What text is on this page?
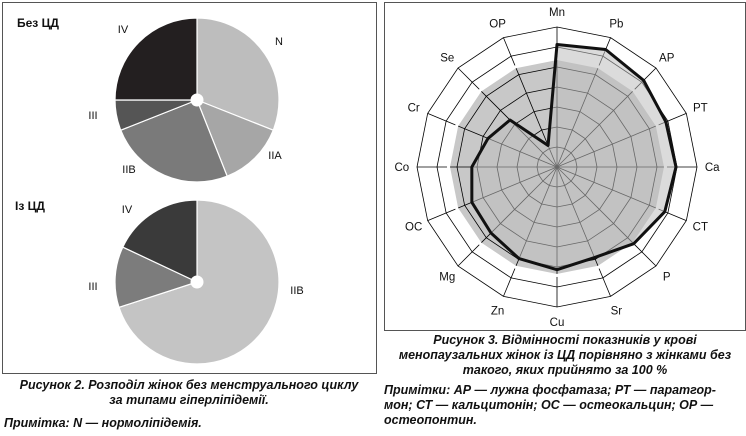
Без ЦД
Із ЦД
N
IIA
IIB
III
IV
IIB
III
IV
Mn
Pb
AP
PT
Ca
CT
P
Sr
Cu
Zn
Mg
OC
Co
Cr
Se
OP
Рисунок 2. Розподіл жінок без менструального циклу за типами гіперліпідемії.
Примітка: N — нормоліпідемія.
Рисунок 3. Відмінності показників у крові менопаузальних жінок із ЦД порівняно з жінками без такого, яких прийнято за 100 %
Примітки: АР — лужна фосфатаза; РТ — паратгор-мон; СТ — кальцитонін; ОС — остеокальцин; ОР — остеопонтин.
